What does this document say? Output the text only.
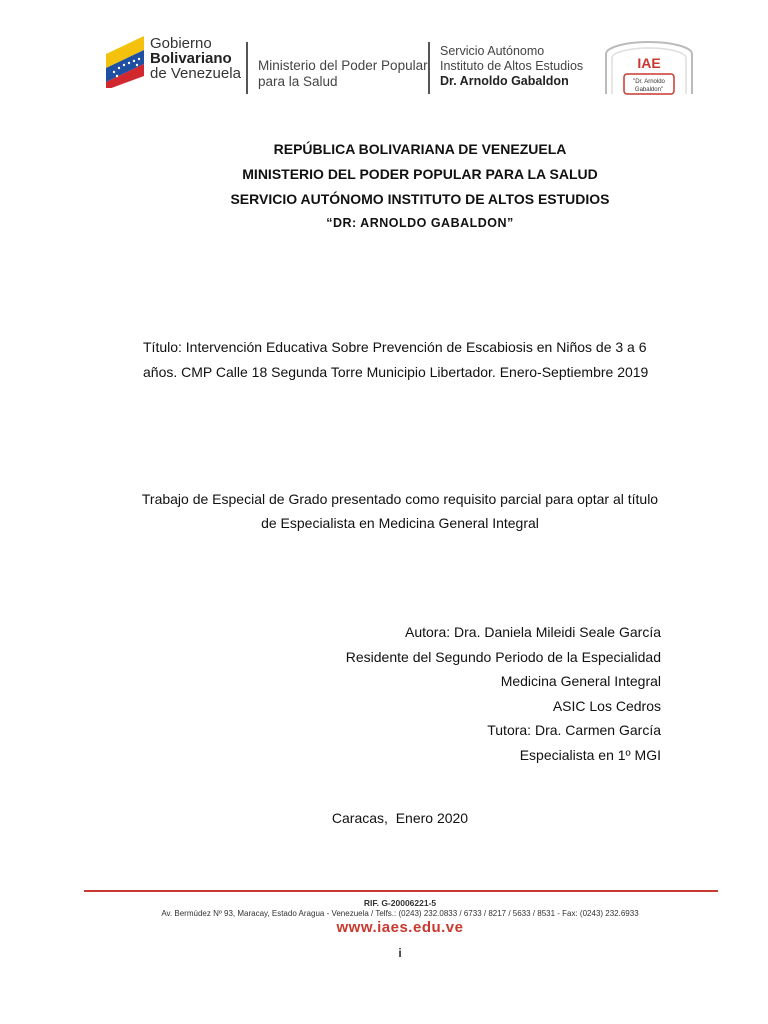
Gobierno
Bolivariano
de Venezuela Ministerio del Poder Popular
para la Salud
Servicio Autónomo
Instituto de Altos Estudios
Dr. Arnoldo Gabaldon
IAE
"Dr. Arnoldo
Gabaldon"
REPÚBLICA BOLIVARIANA DE VENEZUELA
MINISTERIO DEL PODER POPULAR PARA LA SALUD
SERVICIO AUTÓNOMO INSTITUTO DE ALTOS ESTUDIOS
“DR: ARNOLDO GABALDON”
Título: Intervención Educativa Sobre Prevención de Escabiosis en Niños de 3 a 6
años. CMP Calle 18 Segunda Torre Municipio Libertador. Enero-Septiembre 2019
Trabajo de Especial de Grado presentado como requisito parcial para optar al título
de Especialista en Medicina General Integral
Autora: Dra. Daniela Mileidi Seale García
Residente del Segundo Periodo de la Especialidad
Medicina General Integral
ASIC Los Cedros
Tutora: Dra. Carmen García
Especialista en 1º MGI
Caracas,  Enero 2020
RIF. G-20006221-5
Av. Bermúdez Nº 93, Maracay, Estado Aragua - Venezuela / Telfs.: (0243) 232.0833 / 6733 / 8217 / 5633 / 8531 - Fax: (0243) 232.6933
www.iaes.edu.ve
i
